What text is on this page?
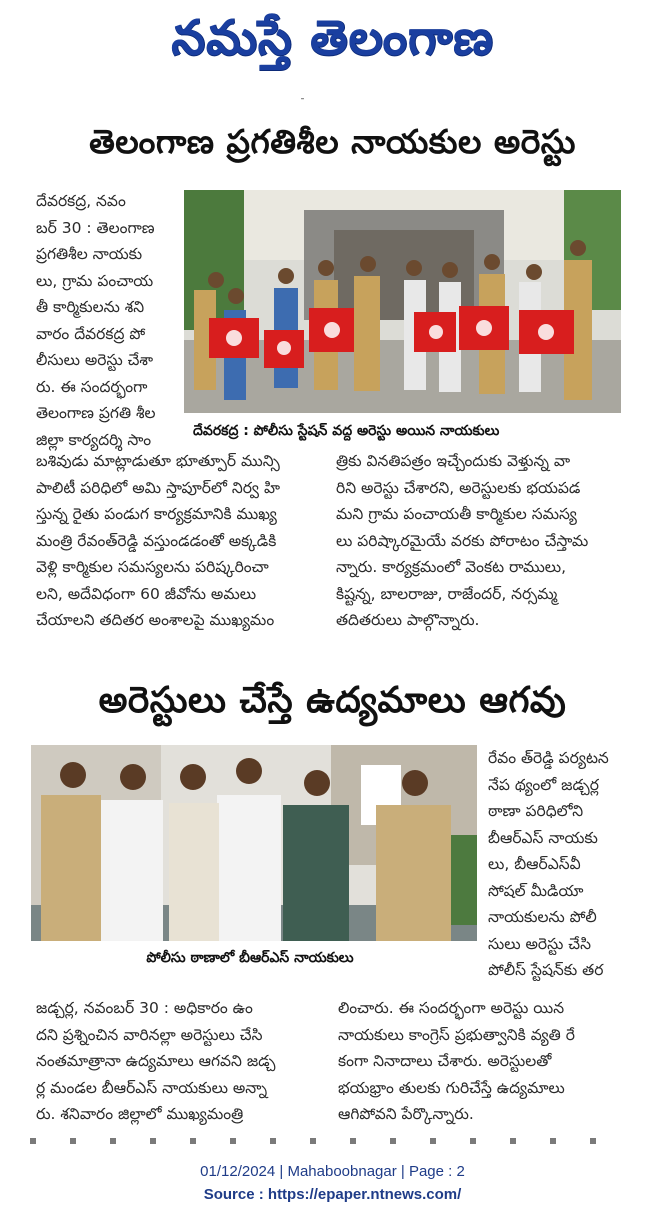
నమస్తే తెలంగాణ
ˉ
తెలంగాణ ప్రగతిశీల నాయకుల అరెస్టు

దేవరకద్ర, నవం

బర్ 30 : తెలంగాణ

ప్రగతిశీల నాయకు

లు, గ్రామ పంచాయ

తీ కార్మికులను శని

వారం దేవరకద్ర పో

లీసులు అరెస్టు చేశా

రు. ఈ సందర్భంగా

తెలంగాణ ప్రగతి శీల

జిల్లా కార్యదర్శి సాం	దేవరకద్ర : పోలీసు స్టేషన్ వద్ద అరెస్టు అయిన నాయకులు

బశివుడు మాట్లాడుతూ భూత్పూర్ మున్సి

పాలిటీ పరిధిలో అమి స్తాపూర్‌లో నిర్వ హి

స్తున్న రైతు పండుగ కార్యక్రమానికి ముఖ్య

మంత్రి రేవంత్‌రెడ్డి వస్తుండడంతో అక్కడికి

వెళ్లి కార్మికుల సమస్యలను పరిష్కరించా

లని, అదేవిధంగా 60 జీవోను అమలు

చేయాలని తదితర అంశాలపై ముఖ్యమం

త్రికు వినతిపత్రం ఇచ్చేందుకు వెళ్తున్న వా

రిని అరెస్టు చేశారని, అరెస్టులకు భయపడ

మని గ్రామ పంచాయతీ కార్మికుల సమస్య

లు పరిష్కారమైయే వరకు పోరాటం చేస్తామ

న్నారు. కార్యక్రమంలో వెంకట రాములు,

కిష్టన్న, బాలరాజు, రాజేందర్, నర్సమ్మ

తదితరులు పాల్గొన్నారు.

అరెస్టులు చేస్తే ఉద్యమాలు ఆగవు
పోలీసు ఠాణాలో బీఆర్ఎస్ నాయకులు

రేవం త్‌రెడ్డి పర్యటన

నేప థ్యంలో జడ్చర్ల

ఠాణా పరిధిలోని

బీఆర్ఎస్ నాయకు

లు, బీఆర్ఎస్‌వీ

సోషల్ మీడియా

నాయకులను పోలీ

సులు అరెస్టు చేసి

పోలీస్ స్టేషన్‌కు తర

జడ్చర్ల, నవంబర్ 30 : అధికారం ఉం

దని ప్రశ్నించిన వారినల్లా అరెస్టులు చేసి

నంతమాత్రానా ఉద్యమాలు ఆగవని జడ్చ

ర్ల మండల బీఆర్ఎస్ నాయకులు అన్నా

రు. శనివారం జిల్లాలో ముఖ్యమంత్రి

లించారు. ఈ సందర్భంగా అరెస్టు యిన

నాయకులు కాంగ్రెస్ ప్రభుత్వానికి వ్యతి రే

కంగా నినాదాలు చేశారు. అరెస్టులతో

భయభ్రాం తులకు గురిచేస్తే ఉద్యమాలు

ఆగిపోవని పేర్కొన్నారు.

01/12/2024 | Mahaboobnagar | Page : 2
Source : https://epaper.ntnews.com/
